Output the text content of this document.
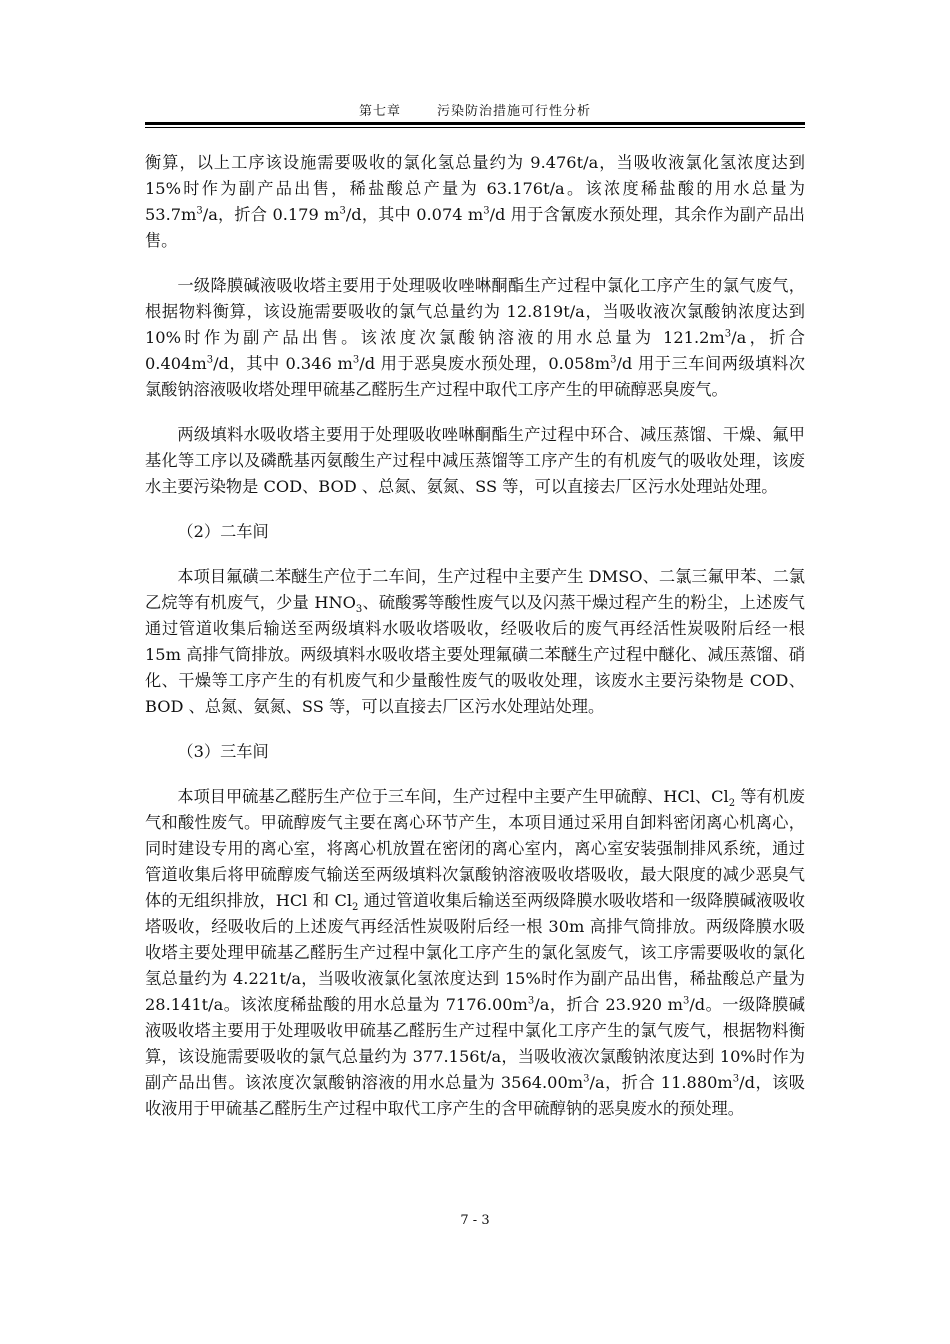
第七章	污染防治措施可行性分析

衡算，以上工序该设施需要吸收的氯化氢总量约为 9.476t/a，当吸收液氯化氢浓度达到 15%时作为副产品出售，稀盐酸总产量为 63.176t/a。该浓度稀盐酸的用水总量为 $53.7m^3/a$，折合 0.179 $m^3/d$，其中 0.074 $m^3/d$ 用于含氰废水预处理，其余作为副产品出售。

一级降膜碱液吸收塔主要用于处理吸收唑啉酮酯生产过程中氯化工序产生的氯气废气，根据物料衡算，该设施需要吸收的氯气总量约为 12.819t/a，当吸收液次氯酸钠浓度达到 10%时作为副产品出售。该浓度次氯酸钠溶液的用水总量为 $121.2m^3/a$，折合 $0.404m^3/d$，其中 0.346 $m^3/d$ 用于恶臭废水预处理，$0.058m^3/d$ 用于三车间两级填料次氯酸钠溶液吸收塔处理甲硫基乙醛肟生产过程中取代工序产生的甲硫醇恶臭废气。

两级填料水吸收塔主要用于处理吸收唑啉酮酯生产过程中环合、减压蒸馏、干燥、氟甲基化等工序以及磷酰基丙氨酸生产过程中减压蒸馏等工序产生的有机废气的吸收处理，该废水主要污染物是 COD、BOD 、总氮、氨氮、SS 等，可以直接去厂区污水处理站处理。

（2）二车间

本项目氟磺二苯醚生产位于二车间，生产过程中主要产生 DMSO、二氯三氟甲苯、二氯乙烷等有机废气，少量 $HNO_3$、硫酸雾等酸性废气以及闪蒸干燥过程产生的粉尘，上述废气通过管道收集后输送至两级填料水吸收塔吸收，经吸收后的废气再经活性炭吸附后经一根 15m 高排气筒排放。两级填料水吸收塔主要处理氟磺二苯醚生产过程中醚化、减压蒸馏、硝化、干燥等工序产生的有机废气和少量酸性废气的吸收处理，该废水主要污染物是 COD、BOD 、总氮、氨氮、SS 等，可以直接去厂区污水处理站处理。

（3）三车间

本项目甲硫基乙醛肟生产位于三车间，生产过程中主要产生甲硫醇、HCl、$Cl_2$ 等有机废气和酸性废气。甲硫醇废气主要在离心环节产生，本项目通过采用自卸料密闭离心机离心，同时建设专用的离心室，将离心机放置在密闭的离心室内，离心室安装强制排风系统，通过管道收集后将甲硫醇废气输送至两级填料次氯酸钠溶液吸收塔吸收，最大限度的减少恶臭气体的无组织排放，HCl 和 $Cl_2$ 通过管道收集后输送至两级降膜水吸收塔和一级降膜碱液吸收塔吸收，经吸收后的上述废气再经活性炭吸附后经一根 30m 高排气筒排放。两级降膜水吸收塔主要处理甲硫基乙醛肟生产过程中氯化工序产生的氯化氢废气，该工序需要吸收的氯化氢总量约为 4.221t/a，当吸收液氯化氢浓度达到 15%时作为副产品出售，稀盐酸总产量为 28.141t/a。该浓度稀盐酸的用水总量为 $7176.00m^3/a$，折合 23.920 $m^3/d$。一级降膜碱液吸收塔主要用于处理吸收甲硫基乙醛肟生产过程中氯化工序产生的氯气废气，根据物料衡算，该设施需要吸收的氯气总量约为 377.156t/a，当吸收液次氯酸钠浓度达到 10%时作为副产品出售。该浓度次氯酸钠溶液的用水总量为 $3564.00m^3/a$，折合 $11.880m^3/d$，该吸收液用于甲硫基乙醛肟生产过程中取代工序产生的含甲硫醇钠的恶臭废水的预处理。

7 - 3
